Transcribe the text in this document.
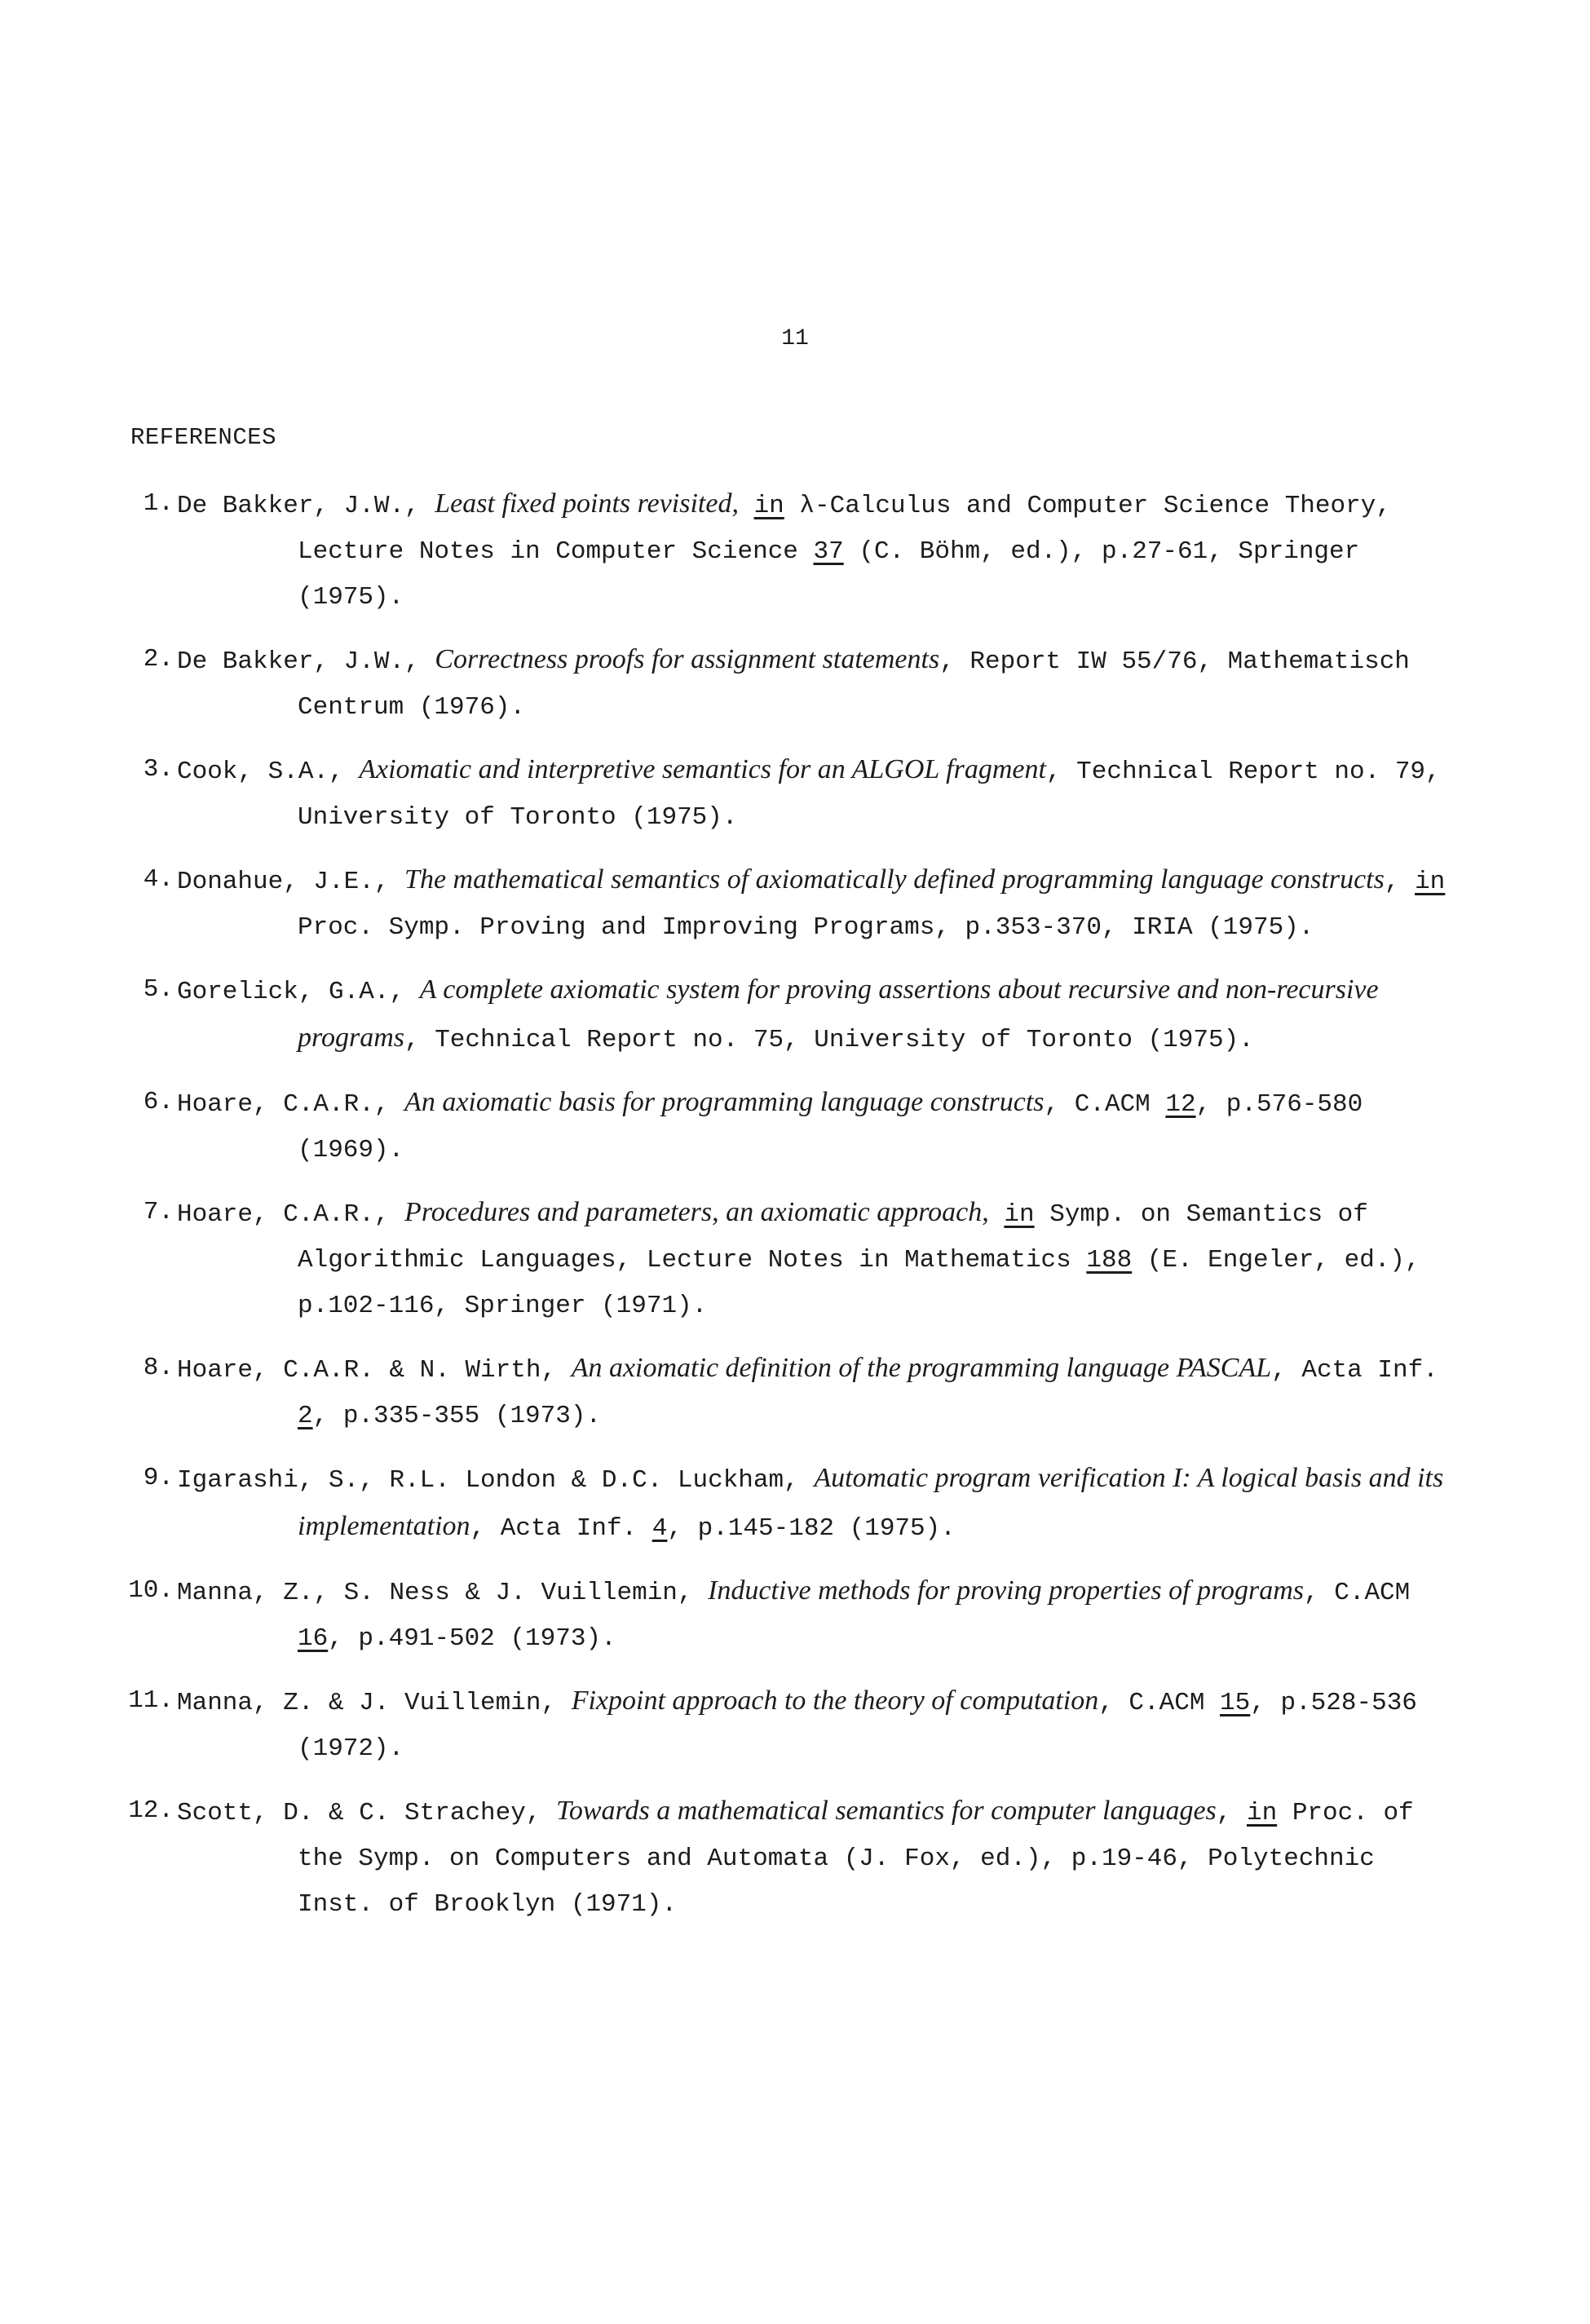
11
REFERENCES
1. De Bakker, J.W., Least fixed points revisited, in λ-Calculus and Computer Science Theory, Lecture Notes in Computer Science 37 (C. Böhm, ed.), p.27-61, Springer (1975).
2. De Bakker, J.W., Correctness proofs for assignment statements, Report IW 55/76, Mathematisch Centrum (1976).
3. Cook, S.A., Axiomatic and interpretive semantics for an ALGOL fragment, Technical Report no. 79, University of Toronto (1975).
4. Donahue, J.E., The mathematical semantics of axiomatically defined programming language constructs, in Proc. Symp. Proving and Improving Programs, p.353-370, IRIA (1975).
5. Gorelick, G.A., A complete axiomatic system for proving assertions about recursive and non-recursive programs, Technical Report no. 75, University of Toronto (1975).
6. Hoare, C.A.R., An axiomatic basis for programming language constructs, C.ACM 12, p.576-580 (1969).
7. Hoare, C.A.R., Procedures and parameters, an axiomatic approach, in Symp. on Semantics of Algorithmic Languages, Lecture Notes in Mathematics 188 (E. Engeler, ed.), p.102-116, Springer (1971).
8. Hoare, C.A.R. & N. Wirth, An axiomatic definition of the programming language PASCAL, Acta Inf. 2, p.335-355 (1973).
9. Igarashi, S., R.L. London & D.C. Luckham, Automatic program verification I: A logical basis and its implementation, Acta Inf. 4, p.145-182 (1975).
10. Manna, Z., S. Ness & J. Vuillemin, Inductive methods for proving properties of programs, C.ACM 16, p.491-502 (1973).
11. Manna, Z. & J. Vuillemin, Fixpoint approach to the theory of computation, C.ACM 15, p.528-536 (1972).
12. Scott, D. & C. Strachey, Towards a mathematical semantics for computer languages, in Proc. of the Symp. on Computers and Automata (J. Fox, ed.), p.19-46, Polytechnic Inst. of Brooklyn (1971).
